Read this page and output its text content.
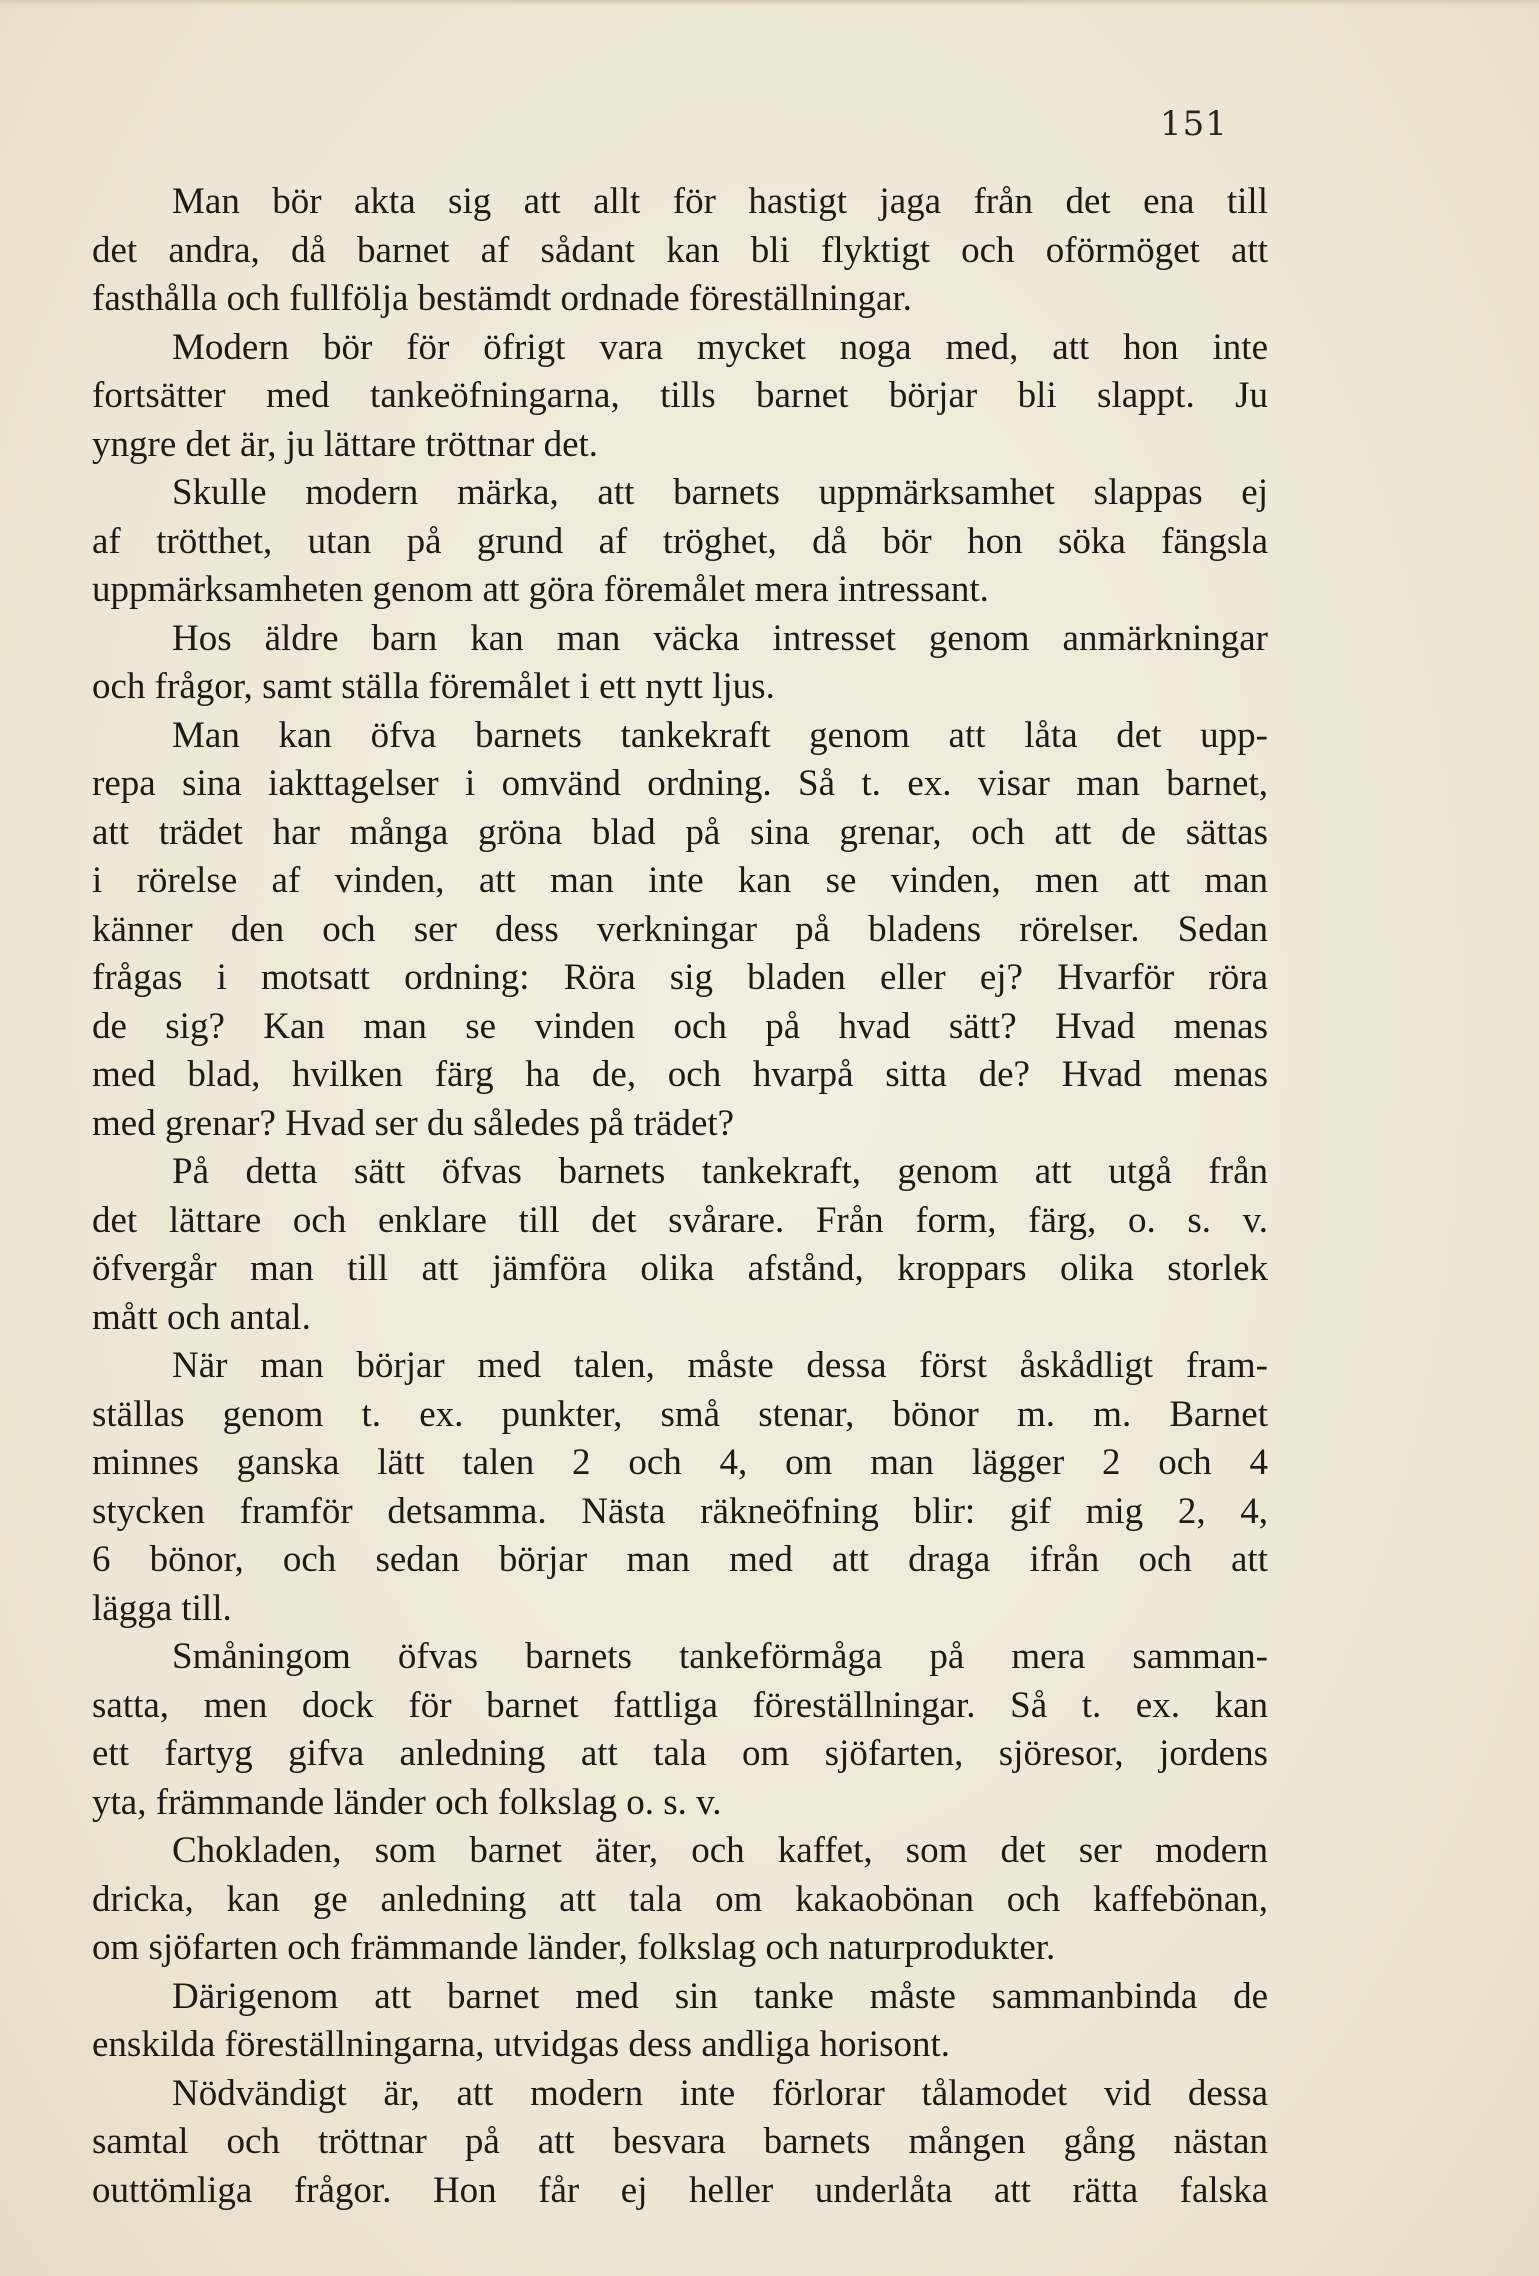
151
Man bör akta sig att allt för hastigt jaga från det ena till
det andra, då barnet af sådant kan bli flyktigt och oförmöget att
fasthålla och fullfölja bestämdt ordnade föreställningar.
Modern bör för öfrigt vara mycket noga med, att hon inte
fortsätter med tankeöfningarna, tills barnet börjar bli slappt. Ju
yngre det är, ju lättare tröttnar det.
Skulle modern märka, att barnets uppmärksamhet slappas ej
af trötthet, utan på grund af tröghet, då bör hon söka fängsla
uppmärksamheten genom att göra föremålet mera intressant.
Hos äldre barn kan man väcka intresset genom anmärkningar
och frågor, samt ställa föremålet i ett nytt ljus.
Man kan öfva barnets tankekraft genom att låta det upp-
repa sina iakttagelser i omvänd ordning. Så t. ex. visar man barnet,
att trädet har många gröna blad på sina grenar, och att de sättas
i rörelse af vinden, att man inte kan se vinden, men att man
känner den och ser dess verkningar på bladens rörelser. Sedan
frågas i motsatt ordning: Röra sig bladen eller ej? Hvarför röra
de sig? Kan man se vinden och på hvad sätt? Hvad menas
med blad, hvilken färg ha de, och hvarpå sitta de? Hvad menas
med grenar? Hvad ser du således på trädet?
På detta sätt öfvas barnets tankekraft, genom att utgå från
det lättare och enklare till det svårare. Från form, färg, o. s. v.
öfvergår man till att jämföra olika afstånd, kroppars olika storlek
mått och antal.
När man börjar med talen, måste dessa först åskådligt fram-
ställas genom t. ex. punkter, små stenar, bönor m. m. Barnet
minnes ganska lätt talen 2 och 4, om man lägger 2 och 4
stycken framför detsamma. Nästa räkneöfning blir: gif mig 2, 4,
6 bönor, och sedan börjar man med att draga ifrån och att
lägga till.
Småningom öfvas barnets tankeförmåga på mera samman-
satta, men dock för barnet fattliga föreställningar. Så t. ex. kan
ett fartyg gifva anledning att tala om sjöfarten, sjöresor, jordens
yta, främmande länder och folkslag o. s. v.
Chokladen, som barnet äter, och kaffet, som det ser modern
dricka, kan ge anledning att tala om kakaobönan och kaffebönan,
om sjöfarten och främmande länder, folkslag och naturprodukter.
Därigenom att barnet med sin tanke måste sammanbinda de
enskilda föreställningarna, utvidgas dess andliga horisont.
Nödvändigt är, att modern inte förlorar tålamodet vid dessa
samtal och tröttnar på att besvara barnets mången gång nästan
outtömliga frågor. Hon får ej heller underlåta att rätta falska
